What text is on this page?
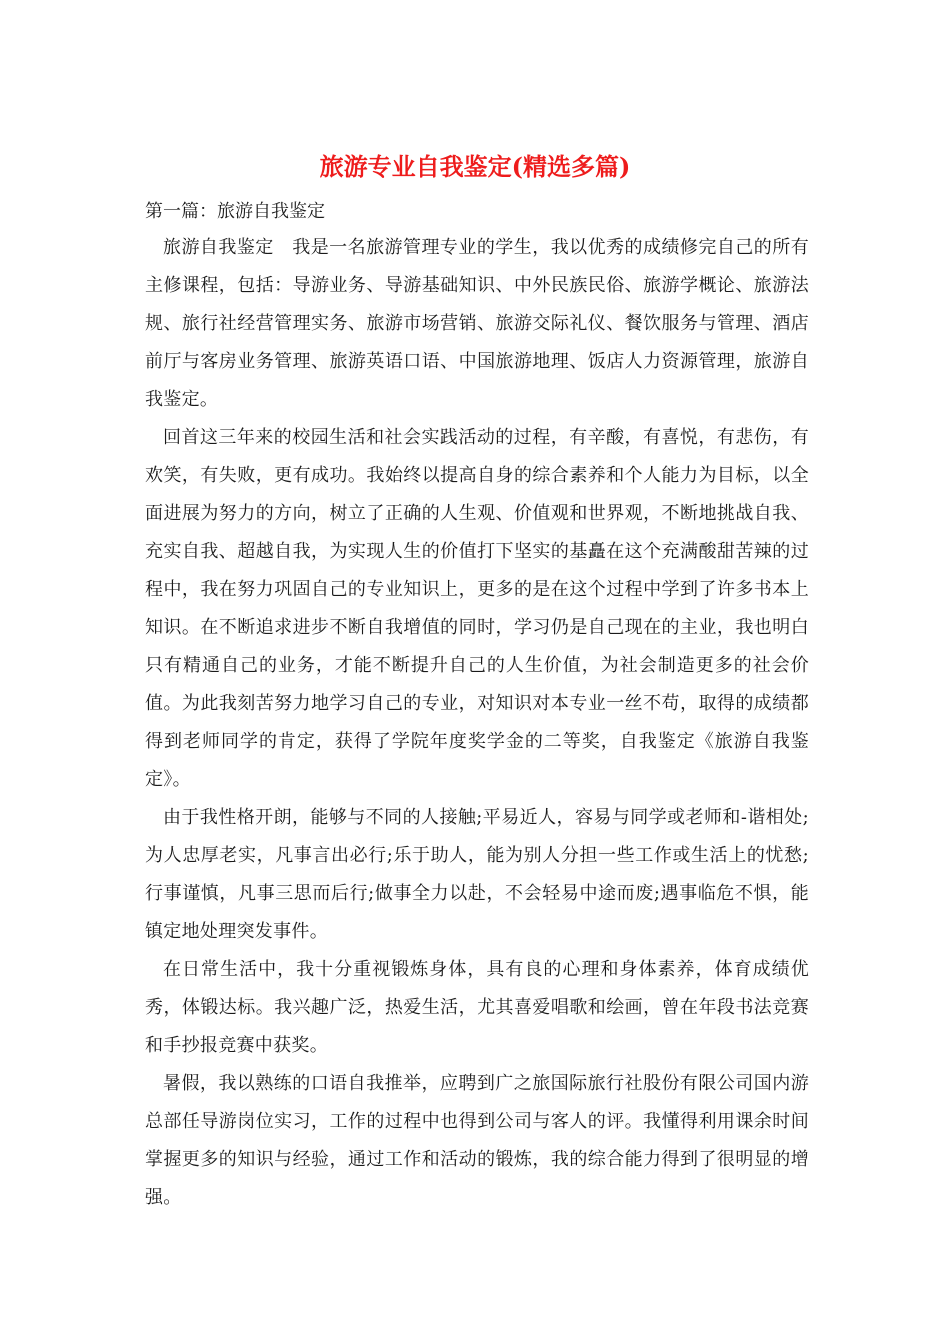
旅游专业自我鉴定(精选多篇)

第一篇：旅游自我鉴定

旅游自我鉴定　我是一名旅游管理专业的学生，我以优秀的成绩修完自己的所有主修课程，包括：导游业务、导游基础知识、中外民族民俗、旅游学概论、旅游法规、旅行社经营管理实务、旅游市场营销、旅游交际礼仪、餐饮服务与管理、酒店前厅与客房业务管理、旅游英语口语、中国旅游地理、饭店人力资源管理，旅游自我鉴定。

回首这三年来的校园生活和社会实践活动的过程，有辛酸，有喜悦，有悲伤，有欢笑，有失败，更有成功。我始终以提高自身的综合素养和个人能力为目标，以全面进展为努力的方向，树立了正确的人生观、价值观和世界观，不断地挑战自我、充实自我、超越自我，为实现人生的价值打下坚实的基矗在这个充满酸甜苦辣的过程中，我在努力巩固自己的专业知识上，更多的是在这个过程中学到了许多书本上知识。在不断追求进步不断自我增值的同时，学习仍是自己现在的主业，我也明白只有精通自己的业务，才能不断提升自己的人生价值，为社会制造更多的社会价值。为此我刻苦努力地学习自己的专业，对知识对本专业一丝不苟，取得的成绩都得到老师同学的肯定，获得了学院年度奖学金的二等奖，自我鉴定《旅游自我鉴定》。

由于我性格开朗，能够与不同的人接触;平易近人，容易与同学或老师和-谐相处;为人忠厚老实，凡事言出必行;乐于助人，能为别人分担一些工作或生活上的忧愁;行事谨慎，凡事三思而后行;做事全力以赴，不会轻易中途而废;遇事临危不惧，能镇定地处理突发事件。

在日常生活中，我十分重视锻炼身体，具有良的心理和身体素养，体育成绩优秀，体锻达标。我兴趣广泛，热爱生活，尤其喜爱唱歌和绘画，曾在年段书法竞赛和手抄报竞赛中获奖。

暑假，我以熟练的口语自我推举，应聘到广之旅国际旅行社股份有限公司国内游总部任导游岗位实习，工作的过程中也得到公司与客人的评。我懂得利用课余时间掌握更多的知识与经验，通过工作和活动的锻炼，我的综合能力得到了很明显的增强。
